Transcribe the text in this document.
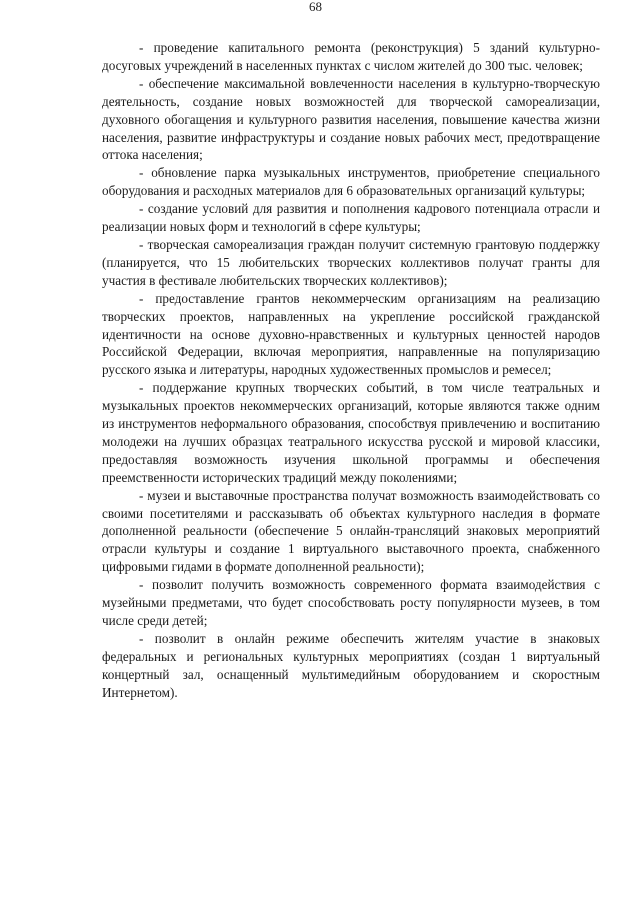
68

- проведение капитального ремонта (реконструкция) 5 зданий культурно-досуговых учреждений в населенных пунктах с числом жителей до 300 тыс. человек;

- обеспечение максимальной вовлеченности населения в культурно-творческую деятельность, создание новых возможностей для творческой самореализации, духовного обогащения и культурного развития населения, повышение качества жизни населения, развитие инфраструктуры и создание новых рабочих мест, предотвращение оттока населения;

- обновление парка музыкальных инструментов, приобретение специального оборудования и расходных материалов для 6 образовательных организаций культуры;

- создание условий для развития и пополнения кадрового потенциала отрасли и реализации новых форм и технологий в сфере культуры;

- творческая самореализация граждан получит системную грантовую поддержку (планируется, что 15 любительских творческих коллективов получат гранты для участия в фестивале любительских творческих коллективов);

- предоставление грантов некоммерческим организациям на реализацию творческих проектов, направленных на укрепление российской гражданской идентичности на основе духовно-нравственных и культурных ценностей народов Российской Федерации, включая мероприятия, направленные на популяризацию русского языка и литературы, народных художественных промыслов и ремесел;

- поддержание крупных творческих событий, в том числе театральных и музыкальных проектов некоммерческих организаций, которые являются также одним из инструментов неформального образования, способствуя привлечению и воспитанию молодежи на лучших образцах театрального искусства русской и мировой классики, предоставляя возможность изучения школьной программы и обеспечения преемственности исторических традиций между поколениями;

- музеи и выставочные пространства получат возможность взаимодействовать со своими посетителями и рассказывать об объектах культурного наследия в формате дополненной реальности (обеспечение 5 онлайн-трансляций знаковых мероприятий отрасли культуры и создание 1 виртуального выставочного проекта, снабженного цифровыми гидами в формате дополненной реальности);

- позволит получить возможность современного формата взаимодействия с музейными предметами, что будет способствовать росту популярности музеев, в том числе среди детей;

- позволит в онлайн режиме обеспечить жителям участие в знаковых федеральных и региональных культурных мероприятиях (создан 1 виртуальный концертный зал, оснащенный мультимедийным оборудованием и скоростным Интернетом).
